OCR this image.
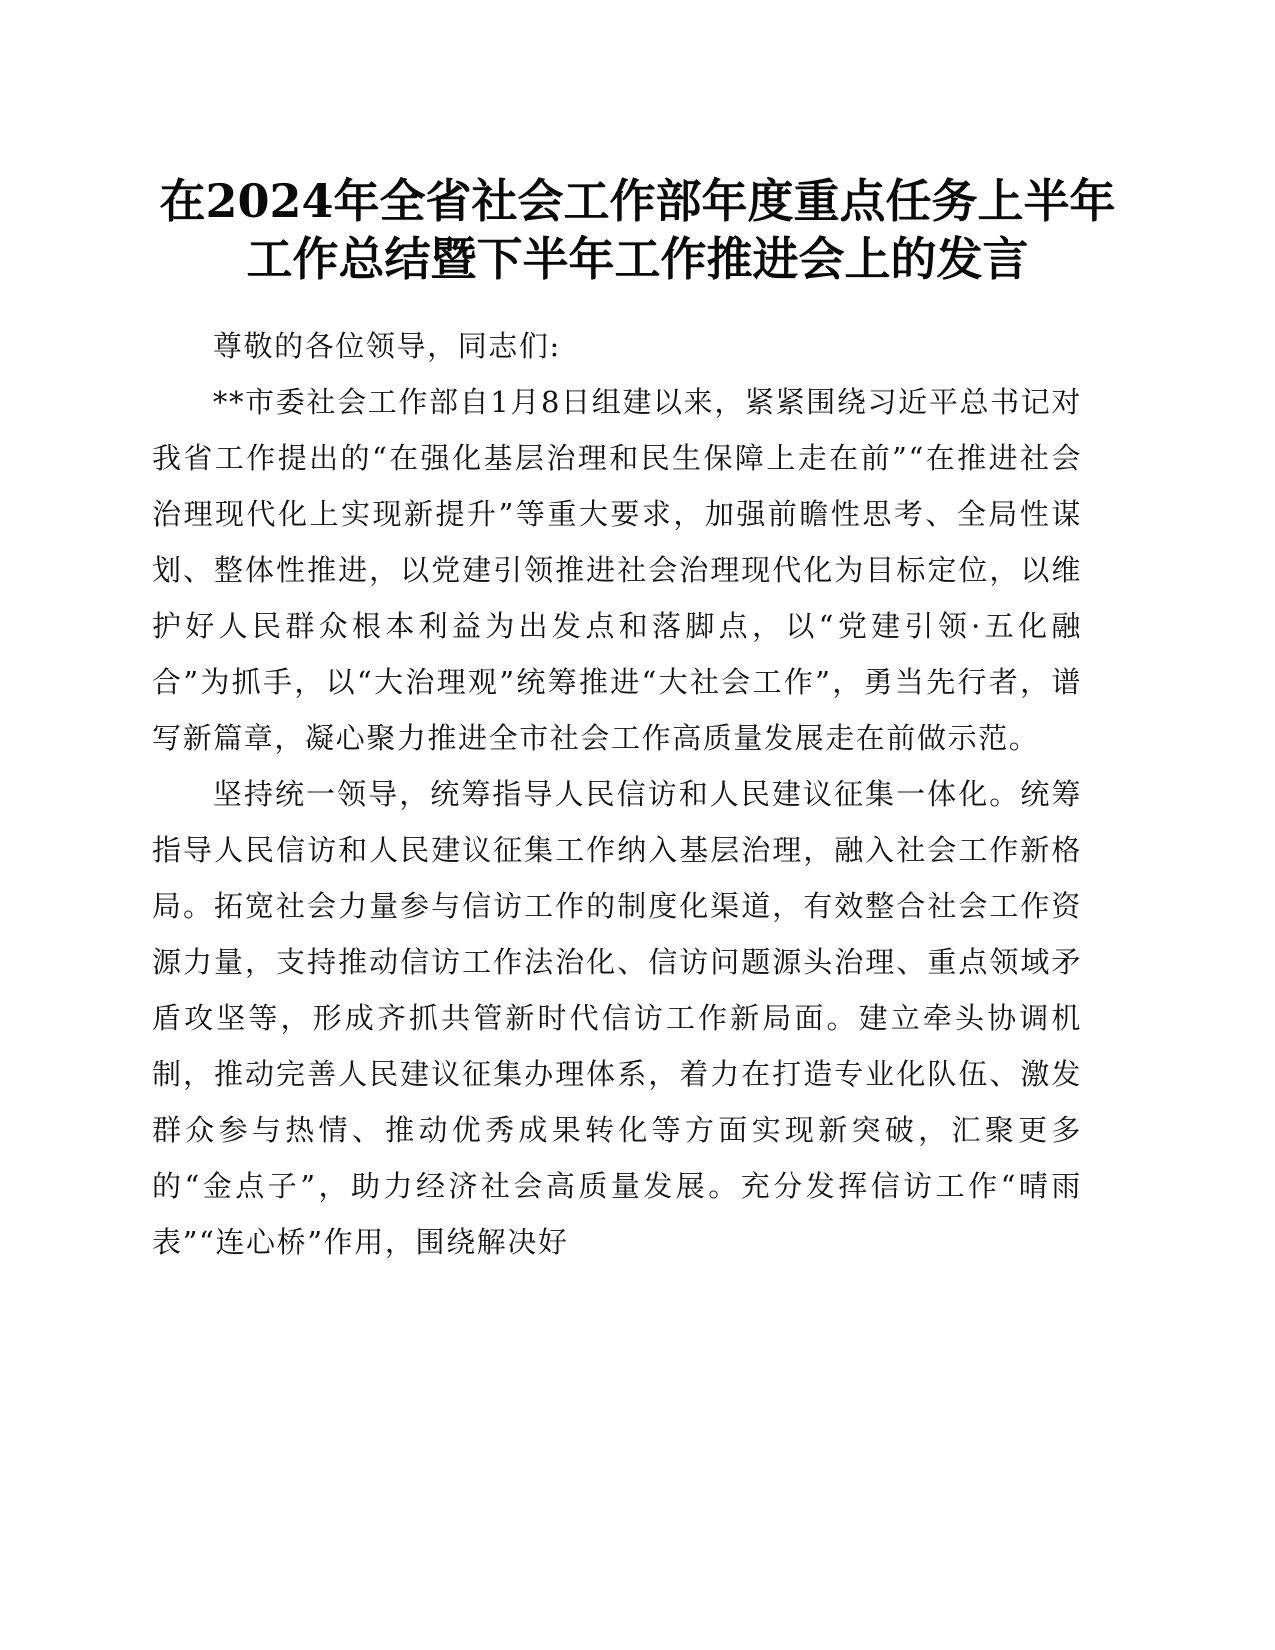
在2024年全省社会工作部年度重点任务上半年
工作总结暨下半年工作推进会上的发言

尊敬的各位领导，同志们:

**市委社会工作部自1月8日组建以来，紧紧围绕习近平总书记对我省工作提出的“在强化基层治理和民生保障上走在前”“在推进社会治理现代化上实现新提升”等重大要求，加强前瞻性思考、全局性谋划、整体性推进，以党建引领推进社会治理现代化为目标定位，以维护好人民群众根本利益为出发点和落脚点，以“党建引领·五化融合”为抓手，以“大治理观”统筹推进“大社会工作”，勇当先行者，谱写新篇章，凝心聚力推进全市社会工作高质量发展走在前做示范。

坚持统一领导，统筹指导人民信访和人民建议征集一体化。统筹指导人民信访和人民建议征集工作纳入基层治理，融入社会工作新格局。拓宽社会力量参与信访工作的制度化渠道，有效整合社会工作资源力量，支持推动信访工作法治化、信访问题源头治理、重点领域矛盾攻坚等，形成齐抓共管新时代信访工作新局面。建立牵头协调机制，推动完善人民建议征集办理体系，着力在打造专业化队伍、激发群众参与热情、推动优秀成果转化等方面实现新突破，汇聚更多的“金点子”，助力经济社会高质量发展。充分发挥信访工作“晴雨表”“连心桥”作用，围绕解决好
